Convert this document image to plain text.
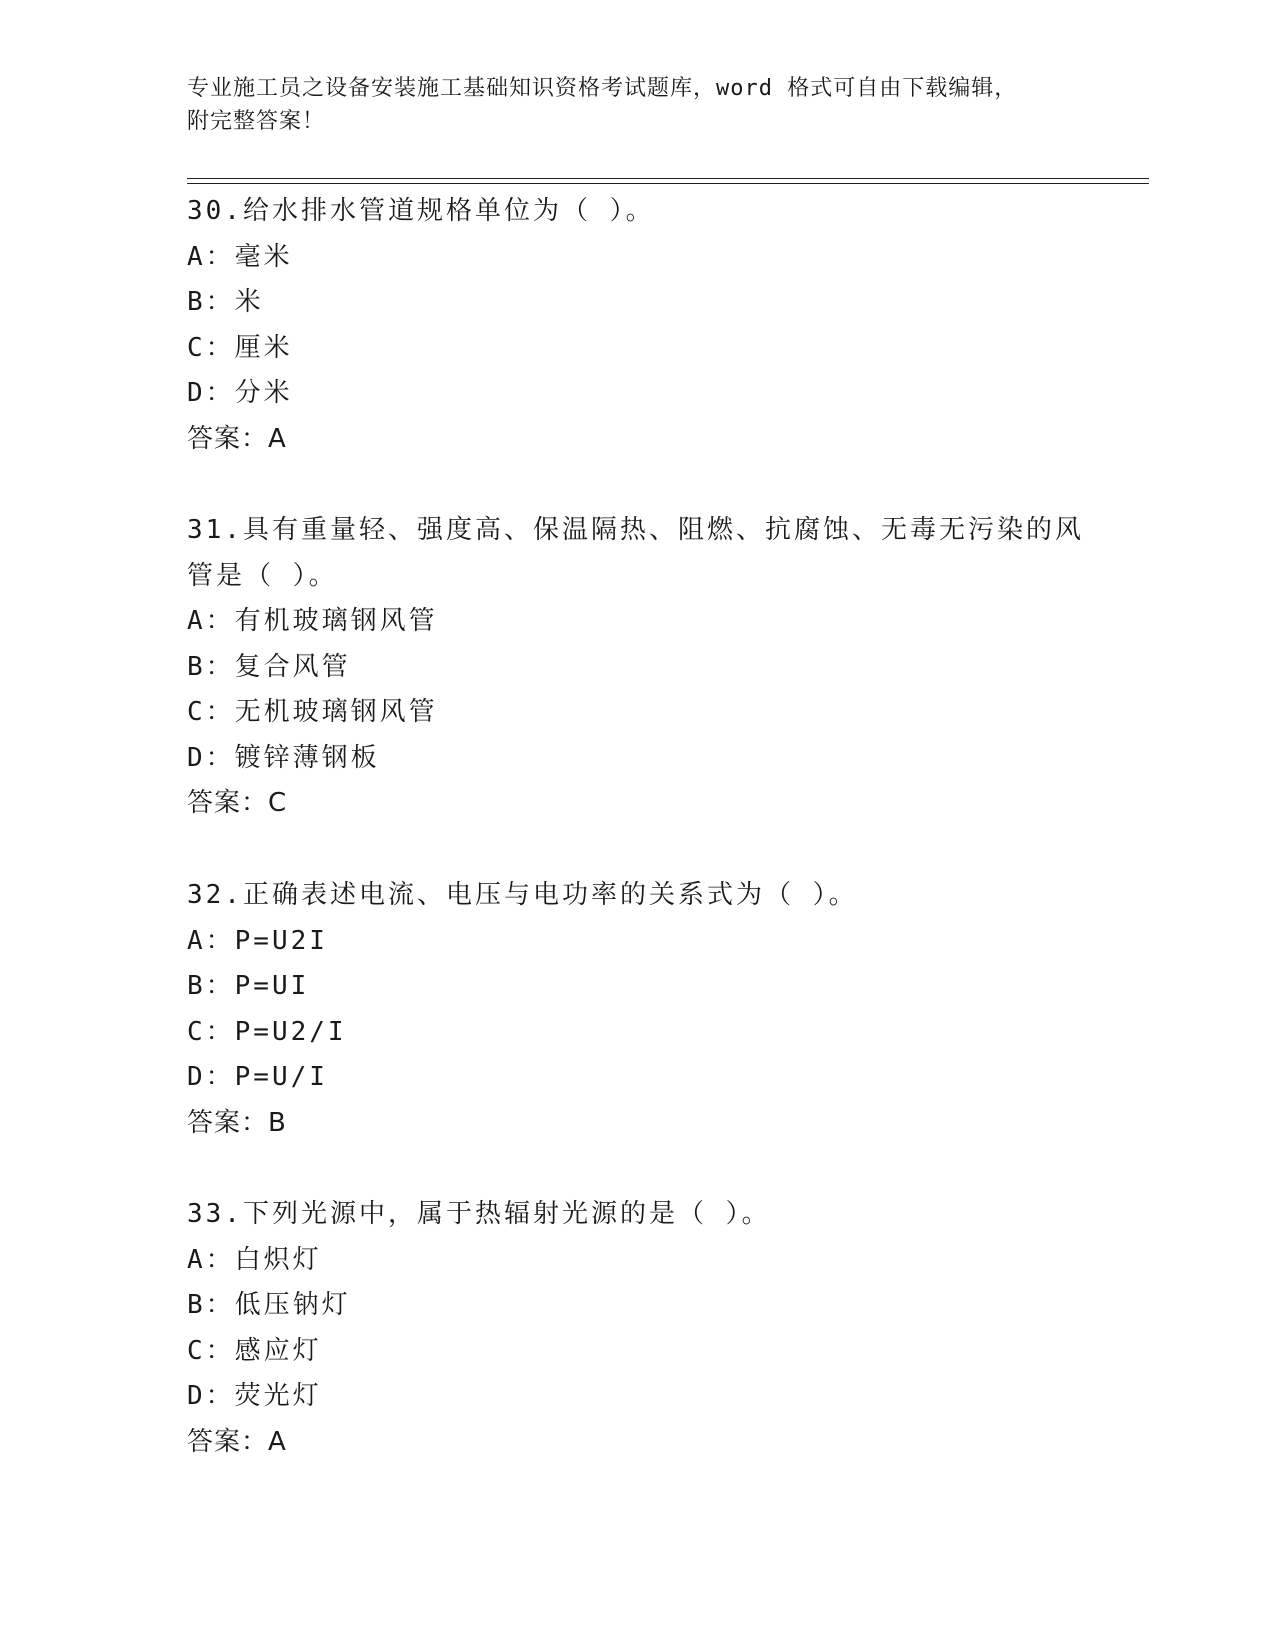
专业施工员之设备安装施工基础知识资格考试题库，word 格式可自由下载编辑，

附完整答案！

30.给水排水管道规格单位为（ ）。
A：毫米
B：米
C：厘米
D：分米
答案：A
31.具有重量轻、强度高、保温隔热、阻燃、抗腐蚀、无毒无污染的风
管是（ ）。
A：有机玻璃钢风管
B：复合风管
C：无机玻璃钢风管
D：镀锌薄钢板
答案：C
32.正确表述电流、电压与电功率的关系式为（ ）。
A：P=U2I
B：P=UI
C：P=U2/I
D：P=U/I
答案：B
33.下列光源中，属于热辐射光源的是（ ）。
A：白炽灯
B：低压钠灯
C：感应灯
D：荧光灯
答案：A
